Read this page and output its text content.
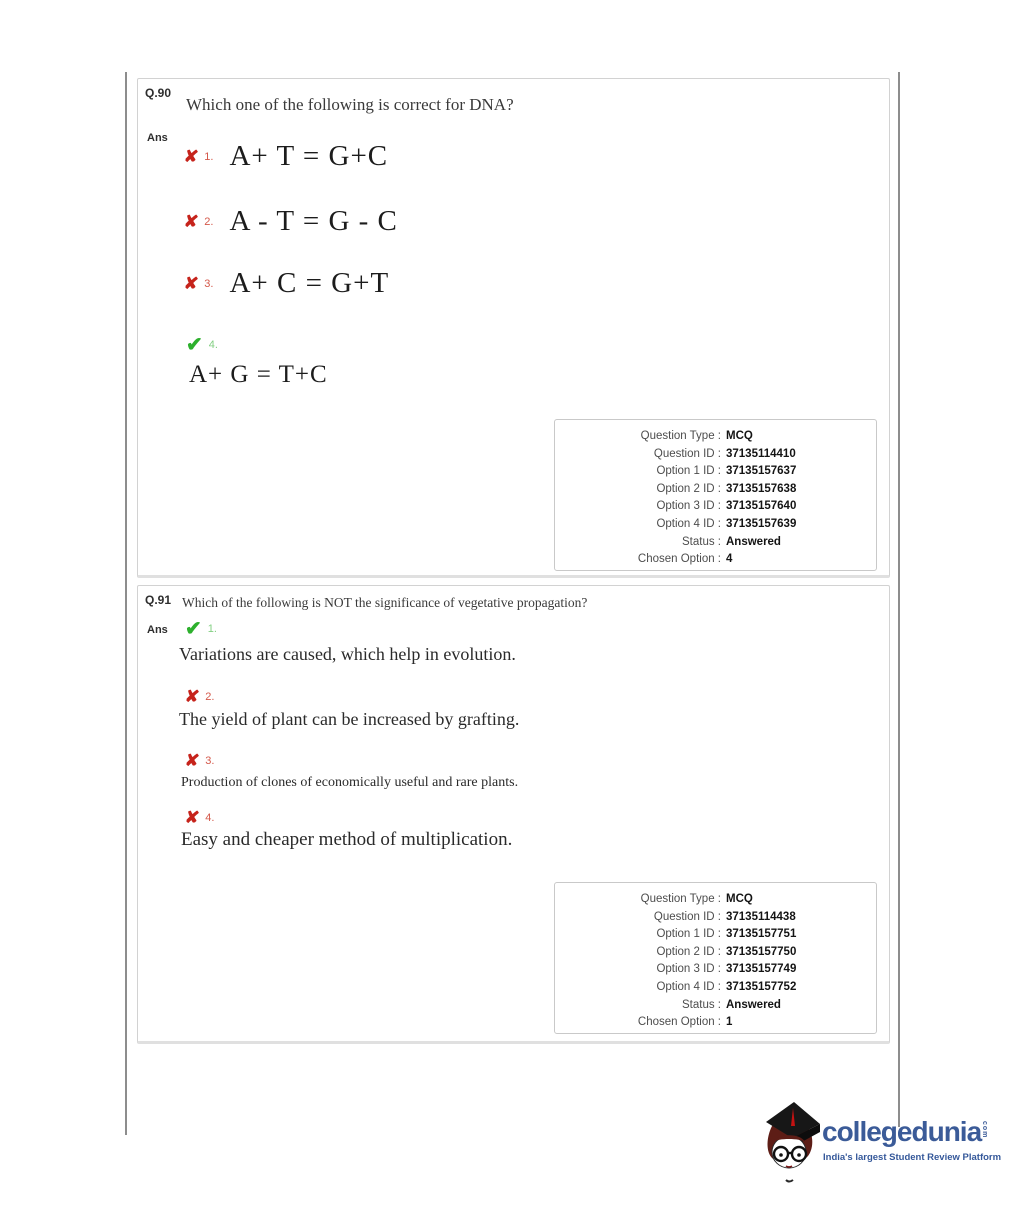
Q.90
Which one of the following is correct for DNA?
Ans
✘ 1. A+ T = G+C
✘ 2. A - T = G - C
✘ 3. A+ C = G+T
✔ 4.
A+ G = T+C
Question Type : MCQ
Question ID : 37135114410
Option 1 ID : 37135157637
Option 2 ID : 37135157638
Option 3 ID : 37135157640
Option 4 ID : 37135157639
Status : Answered
Chosen Option : 4
Q.91 Which of the following is NOT the significance of vegetative propagation?
Ans ✔ 1.
Variations are caused, which help in evolution.
✘ 2.
The yield of plant can be increased by grafting.
✘ 3.
Production of clones of economically useful and rare plants.
✘ 4.
Easy and cheaper method of multiplication.
Question Type : MCQ
Question ID : 37135114438
Option 1 ID : 37135157751
Option 2 ID : 37135157750
Option 3 ID : 37135157749
Option 4 ID : 37135157752
Status : Answered
Chosen Option : 1
collegedunia com
India's largest Student Review Platform
